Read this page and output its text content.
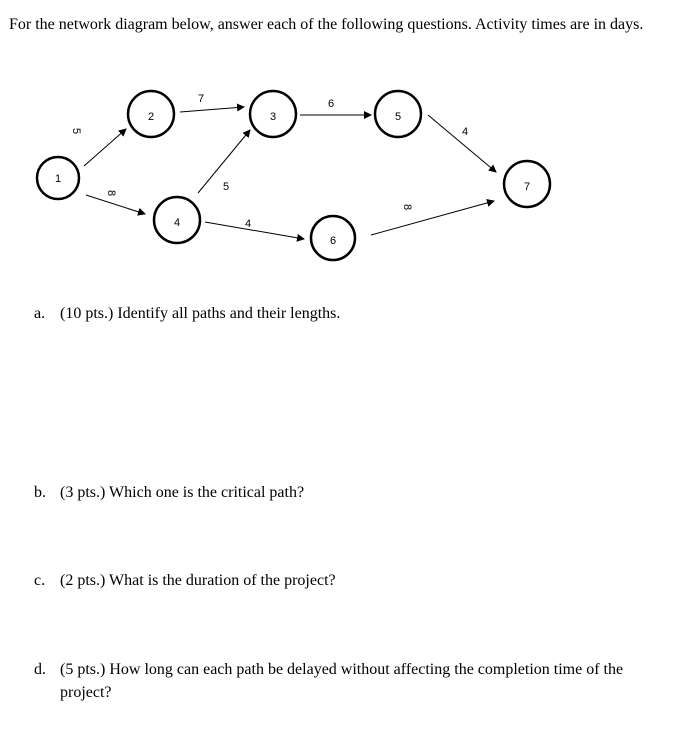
For the network diagram below, answer each of the following questions. Activity times are in days.

5
8
7
5
4
6
4
8
1
2	3
4
5
6
7
a. (10 pts.) Identify all paths and their lengths.
b. (3 pts.) Which one is the critical path?
c. (2 pts.) What is the duration of the project?
d. (5 pts.) How long can each path be delayed without affecting the completion time of the project?
